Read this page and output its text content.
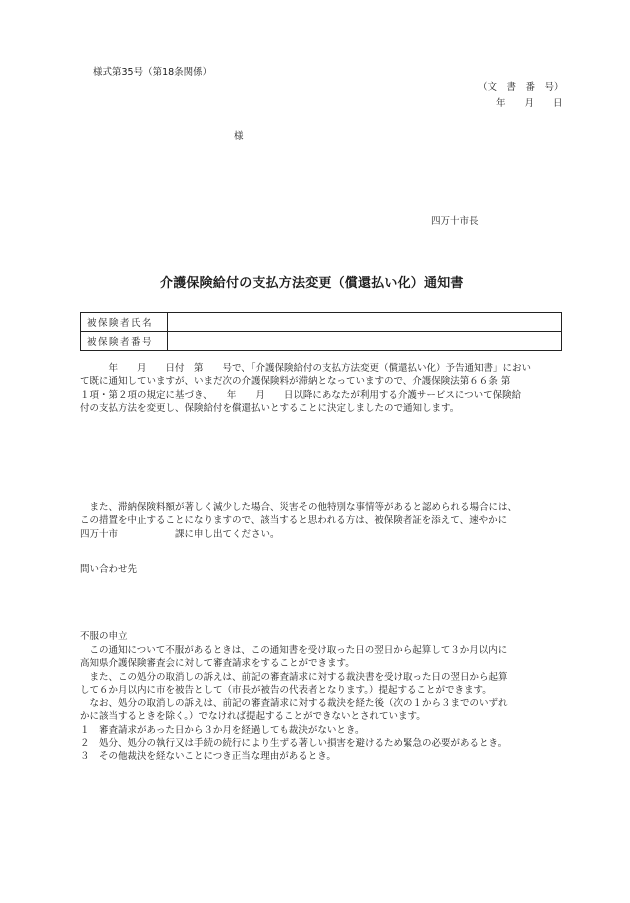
様式第35号（第18条関係）
（文　書　番　号）
年　　月　　日
様
四万十市長
介護保険給付の支払方法変更（償還払い化）通知書
被保険者氏名	
被保険者番号	
　　　年　　月　　日付　第　　号で、「介護保険給付の支払方法変更（償還払い化）予告通知書」におい
て既に通知していますが、いまだ次の介護保険料が滞納となっていますので、介護保険法第６６条 第
１項・第２項の規定に基づき、　　年　　月　　日以降にあなたが利用する介護サービスについて保険給
付の支払方法を変更し、保険給付を償還払いとすることに決定しましたので通知します。
　また、滞納保険料額が著しく減少した場合、災害その他特別な事情等があると認められる場合には、
この措置を中止することになりますので、該当すると思われる方は、被保険者証を添えて、速やかに
四万十市　　　　　　課に申し出てください。
問い合わせ先
不服の申立
　この通知について不服があるときは、この通知書を受け取った日の翌日から起算して３か月以内に
高知県介護保険審査会に対して審査請求をすることができます。
　また、この処分の取消しの訴えは、前記の審査請求に対する裁決書を受け取った日の翌日から起算
して６か月以内に市を被告として（市長が被告の代表者となります。）提起することができます。
　なお、処分の取消しの訴えは、前記の審査請求に対する裁決を経た後（次の１から３までのいずれ
かに該当するときを除く。）でなければ提起することができないとされています。
１　審査請求があった日から３か月を経過しても裁決がないとき。
２　処分、処分の執行又は手続の続行により生ずる著しい損害を避けるため緊急の必要があるとき。
３　その他裁決を経ないことにつき正当な理由があるとき。
